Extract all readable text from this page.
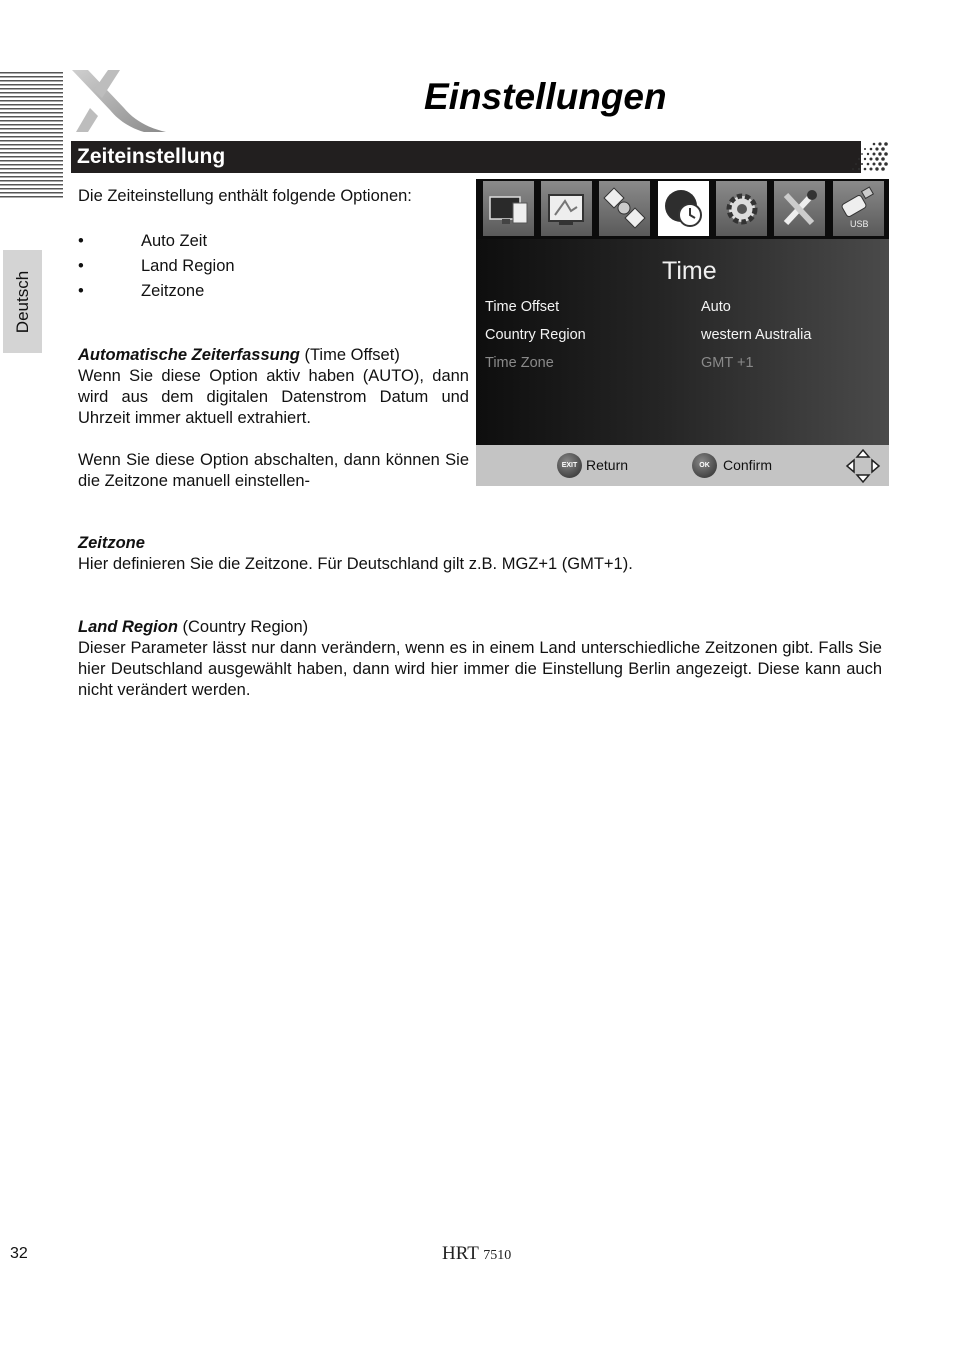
Deutsch
Einstellungen
Zeiteinstellung
Die Zeiteinstellung enthält folgende Optionen:
•	Auto Zeit
•	Land Region
•	Zeitzone
Automatische Zeiterfassung (Time Offset)
Wenn Sie diese Option aktiv haben (AUTO), dann wird aus dem digitalen Datenstrom Datum und Uhrzeit immer aktuell extrahiert.
Wenn Sie diese Option abschalten, dann können Sie die Zeitzone manuell einstellen-
USB
Time
Time Offset	Auto
Country Region	western Australia
Time Zone	GMT +1
EXIT Return	OK Confirm
Zeitzone
Hier definieren Sie die Zeitzone. Für Deutschland gilt z.B. MGZ+1 (GMT+1).
Land Region (Country Region)
Dieser Parameter lässt nur dann verändern, wenn es in einem Land unterschiedliche Zeitzonen gibt. Falls Sie hier Deutschland ausgewählt haben, dann wird hier immer die Einstellung Berlin angezeigt. Diese kann auch nicht verändert werden.
32	HRT 7510
